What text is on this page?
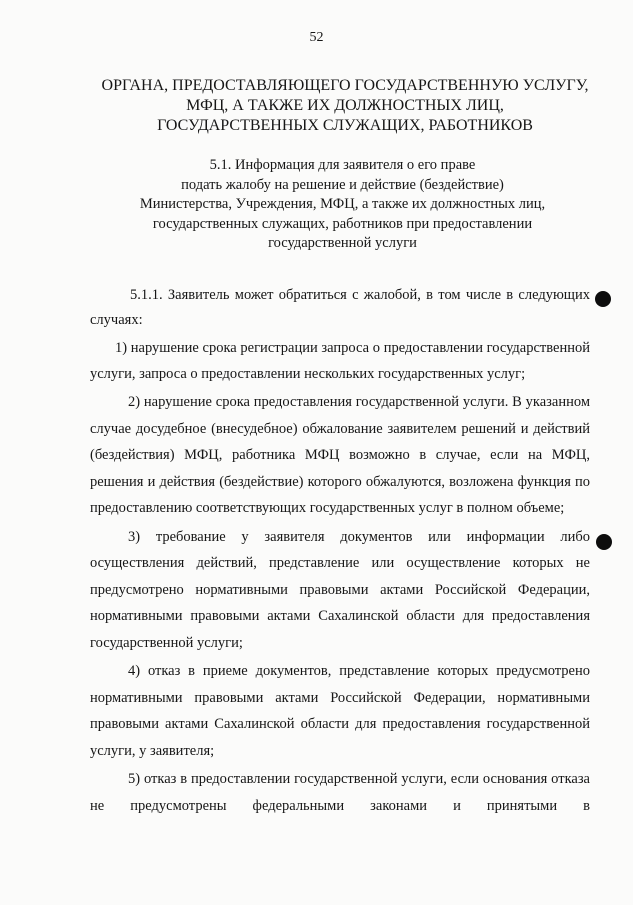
52
ОРГАНА, ПРЕДОСТАВЛЯЮЩЕГО ГОСУДАРСТВЕННУЮ УСЛУГУ,
МФЦ, А ТАКЖЕ ИХ ДОЛЖНОСТНЫХ ЛИЦ,
ГОСУДАРСТВЕННЫХ СЛУЖАЩИХ, РАБОТНИКОВ
5.1. Информация для заявителя о его праве
подать жалобу на решение и действие (бездействие)
Министерства, Учреждения, МФЦ, а также их должностных лиц,
государственных служащих, работников при предоставлении
государственной услуги
5.1.1. Заявитель может обратиться с жалобой, в том числе в следующих случаях:
1) нарушение срока регистрации запроса о предоставлении государственной услуги, запроса о предоставлении нескольких государственных услуг;
2) нарушение срока предоставления государственной услуги. В указанном случае досудебное (внесудебное) обжалование заявителем решений и действий (бездействия) МФЦ, работника МФЦ возможно в случае, если на МФЦ, решения и действия (бездействие) которого обжалуются, возложена функция по предоставлению соответствующих государственных услуг в полном объеме;
3) требование у заявителя документов или информации либо осуществления действий, представление или осуществление которых не предусмотрено нормативными правовыми актами Российской Федерации, нормативными правовыми актами Сахалинской области для предоставления государственной услуги;
4) отказ в приеме документов, представление которых предусмотрено нормативными правовыми актами Российской Федерации, нормативными правовыми актами Сахалинской области для предоставления государственной услуги, у заявителя;
5) отказ в предоставлении государственной услуги, если основания отказа не предусмотрены федеральными законами и принятыми в
